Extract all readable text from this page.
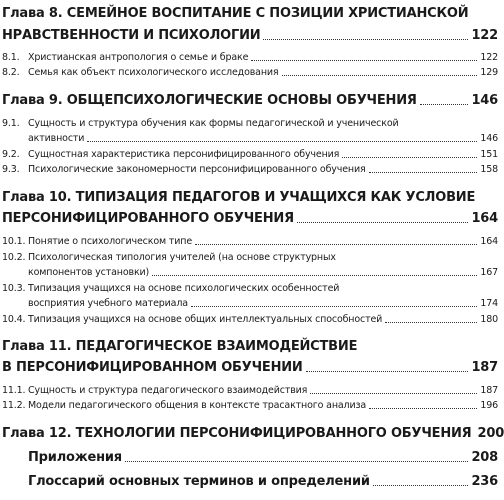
Глава 8. СЕМЕЙНОЕ ВОСПИТАНИЕ С ПОЗИЦИИ ХРИСТИАНСКОЙ
НРАВСТВЕННОСТИ И ПСИХОЛОГИИ	122
8.1. Христианская антропология о семье и браке	122
8.2. Семья как объект психологического исследования	129
Глава 9. ОБЩЕПСИХОЛОГИЧЕСКИЕ ОСНОВЫ ОБУЧЕНИЯ	146
9.1. Сущность и структура обучения как формы педагогической и ученической
активности	146
9.2. Сущностная характеристика персонифицированного обучения	151
9.3. Психологические закономерности персонифицированного обучения	158
Глава 10. ТИПИЗАЦИЯ ПЕДАГОГОВ И УЧАЩИХСЯ КАК УСЛОВИЕ
ПЕРСОНИФИЦИРОВАННОГО ОБУЧЕНИЯ	164
10.1. Понятие о психологическом типе	164
10.2. Психологическая типология учителей (на основе структурных
компонентов установки)	167
10.3. Типизация учащихся на основе психологических особенностей
восприятия учебного материала	174
10.4. Типизация учащихся на основе общих интеллектуальных способностей	180
Глава 11. ПЕДАГОГИЧЕСКОЕ ВЗАИМОДЕЙСТВИЕ
В ПЕРСОНИФИЦИРОВАННОМ ОБУЧЕНИИ	187
11.1. Сущность и структура педагогического взаимодействия	187
11.2. Модели педагогического общения в контексте трасактного анализа	196
Глава 12. ТЕХНОЛОГИИ ПЕРСОНИФИЦИРОВАННОГО ОБУЧЕНИЯ 200
Приложения	208
Глоссарий основных терминов и определений	236
